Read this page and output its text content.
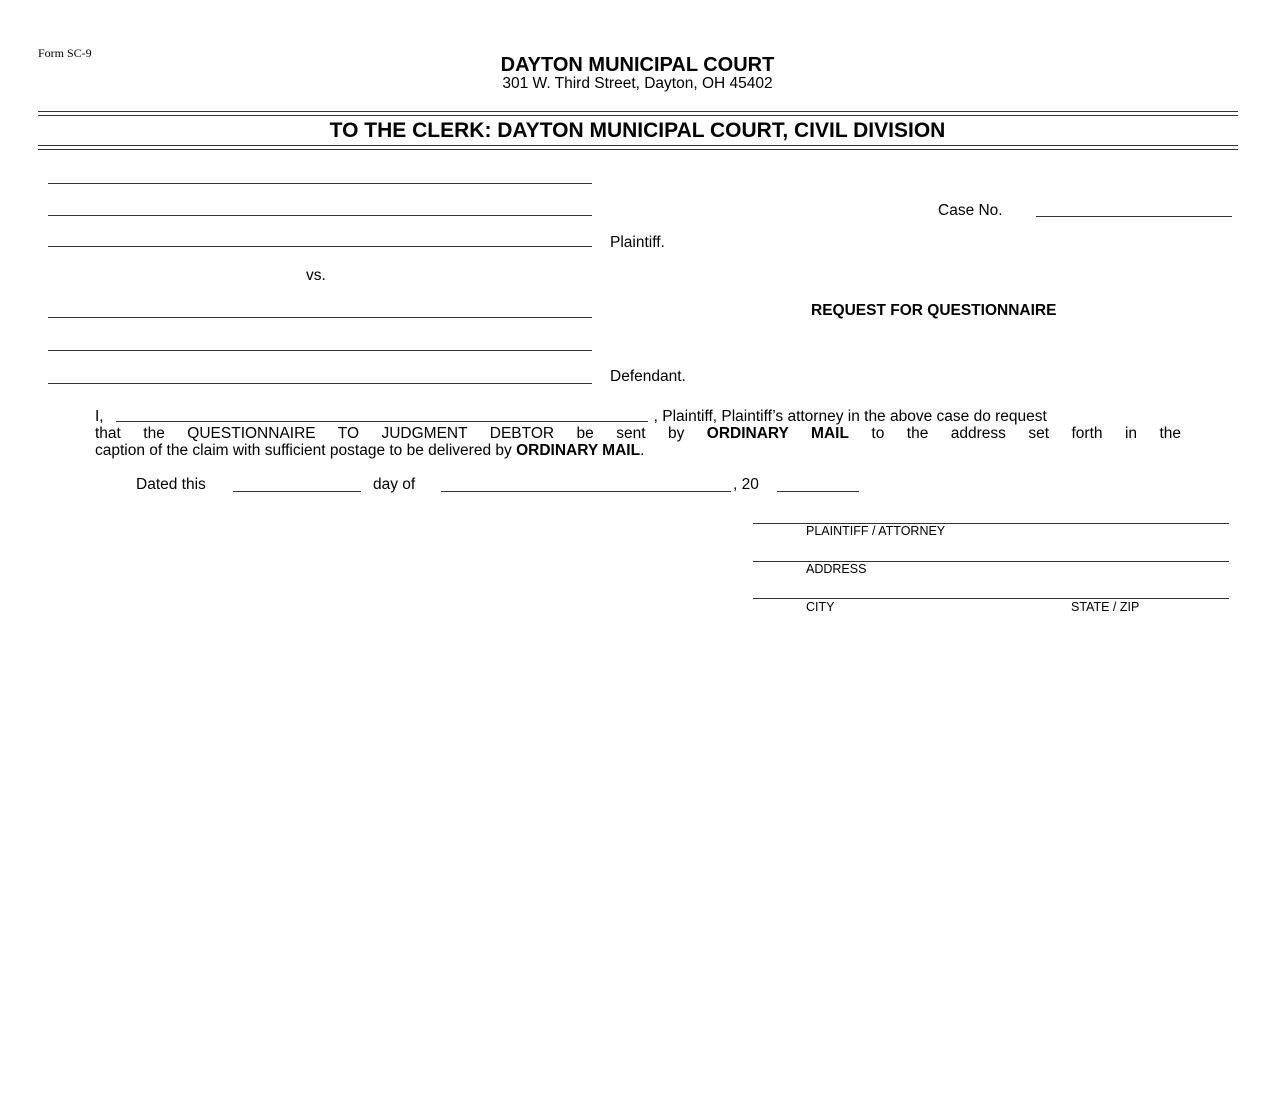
Form SC-9
DAYTON MUNICIPAL COURT
301 W. Third Street, Dayton, OH 45402
TO THE CLERK: DAYTON MUNICIPAL COURT, CIVIL DIVISION
Plaintiff.
Case No.
vs.
REQUEST FOR QUESTIONNAIRE
Defendant.
I,	, Plaintiff, Plaintiff’s attorney in the above case do request
that the QUESTIONNAIRE TO JUDGMENT DEBTOR be sent by ORDINARY MAIL to the address set forth in the
caption of the claim with sufficient postage to be delivered by ORDINARY MAIL.
Dated this	day of	, 20
PLAINTIFF / ATTORNEY
ADDRESS
CITY	STATE / ZIP
